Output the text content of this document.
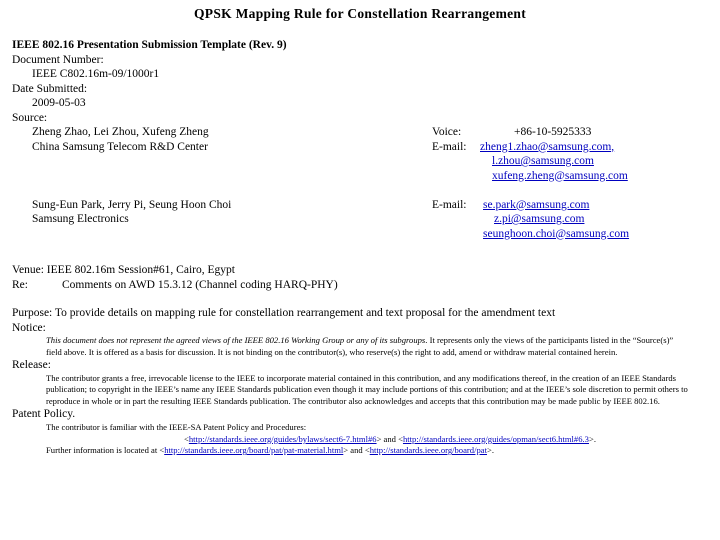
QPSK Mapping Rule for Constellation Rearrangement
IEEE 802.16 Presentation Submission Template (Rev. 9)
Document Number:
IEEE C802.16m-09/1000r1
Date Submitted:
2009-05-03
Source:
Zheng Zhao, Lei Zhou, Xufeng Zheng	Voice:	+86-10-5925333
China Samsung Telecom R&D Center	E-mail:	zheng1.zhao@samsung.com,
		l.zhou@samsung.com
		xufeng.zheng@samsung.com

Sung-Eun Park, Jerry Pi, Seung Hoon Choi	E-mail:	se.park@samsung.com
Samsung Electronics		z.pi@samsung.com
		seunghoon.choi@samsung.com
Venue: IEEE 802.16m Session#61, Cairo, Egypt
Re:	Comments on AWD 15.3.12 (Channel coding HARQ-PHY)
Purpose: To provide details on mapping rule for constellation rearrangement and text proposal for the amendment text
Notice:

This document does not represent the agreed views of the IEEE 802.16 Working Group or any of its subgroups. It represents only the views of the participants listed in the “Source(s)” field above. It is offered as a basis for discussion. It is not binding on the contributor(s), who reserve(s) the right to add, amend or withdraw material contained herein.

Release:

The contributor grants a free, irrevocable license to the IEEE to incorporate material contained in this contribution, and any modifications thereof, in the creation of an IEEE Standards publication; to copyright in the IEEE’s name any IEEE Standards publication even though it may include portions of this contribution; and at the IEEE’s sole discretion to permit others to reproduce in whole or in part the resulting IEEE Standards publication. The contributor also acknowledges and accepts that this contribution may be made public by IEEE 802.16.

Patent Policy.

The contributor is familiar with the IEEE-SA Patent Policy and Procedures:

<http://standards.ieee.org/guides/bylaws/sect6-7.html#6> and <http://standards.ieee.org/guides/opman/sect6.html#6.3>.

Further information is located at <http://standards.ieee.org/board/pat/pat-material.html> and <http://standards.ieee.org/board/pat>.
